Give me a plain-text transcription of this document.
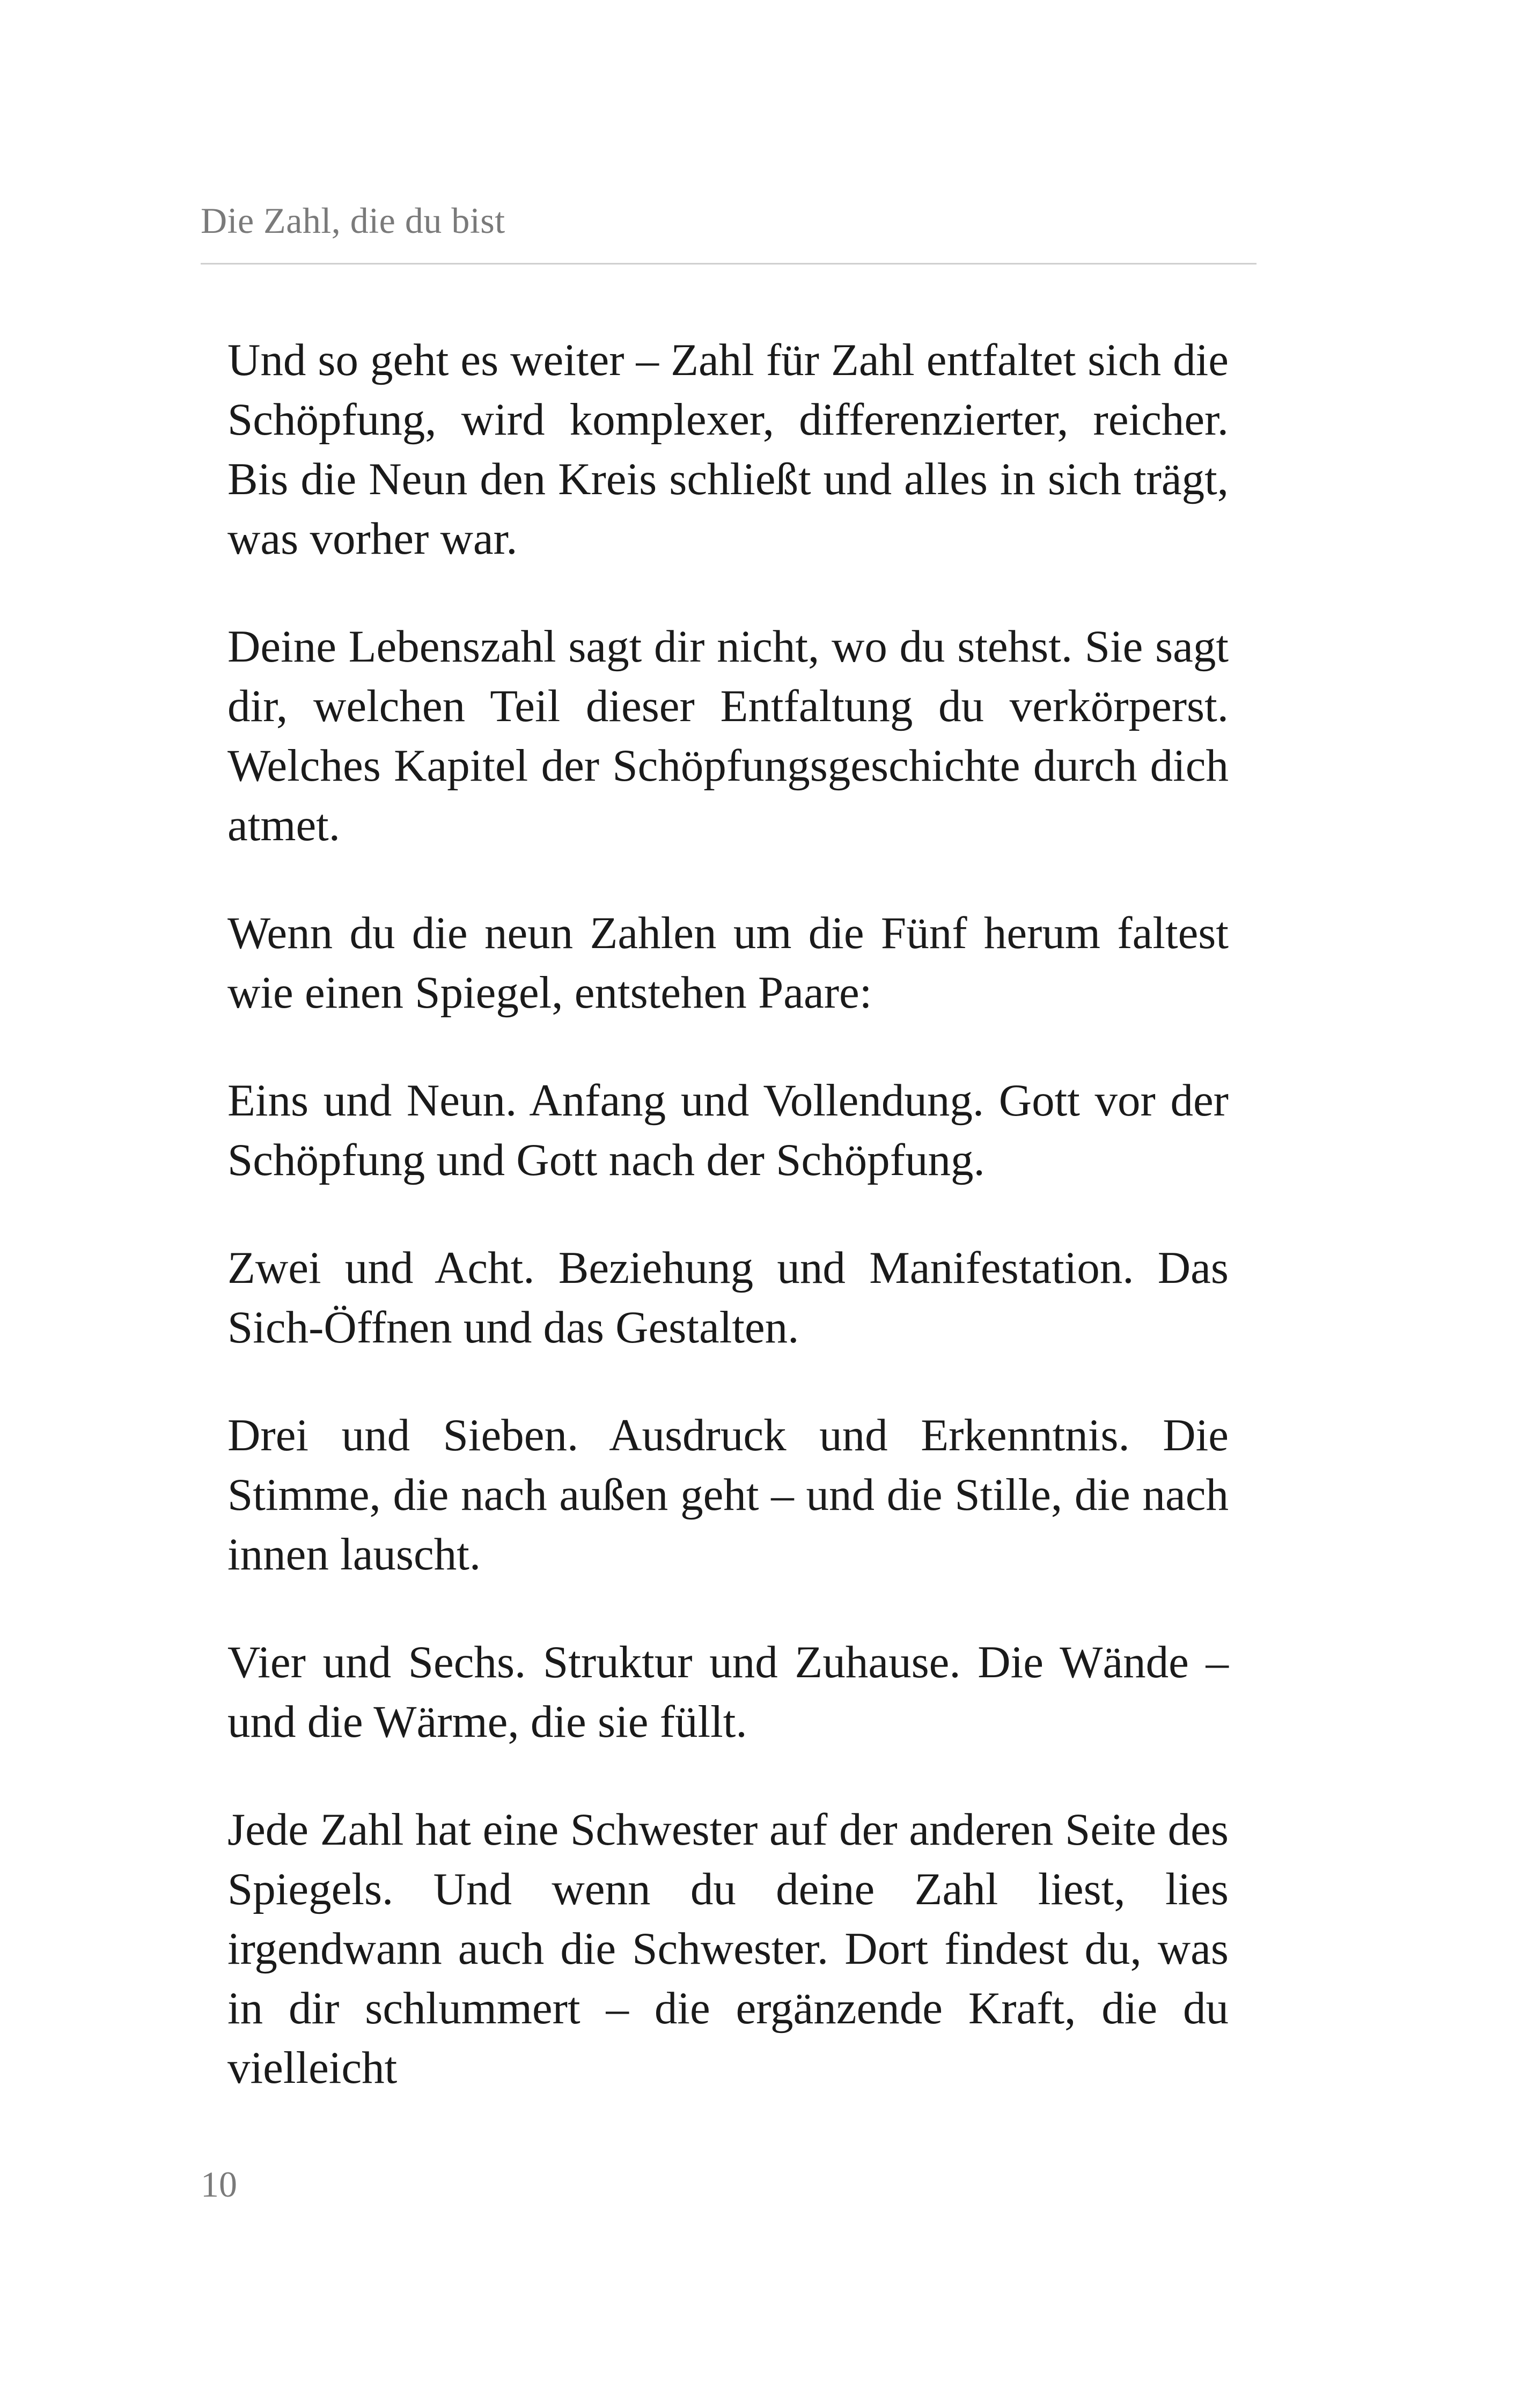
Die Zahl, die du bist

Und so geht es weiter – Zahl für Zahl entfaltet sich die Schöpfung, wird komplexer, differenzierter, reicher. Bis die Neun den Kreis schließt und alles in sich trägt, was vorher war.

Deine Lebenszahl sagt dir nicht, wo du stehst. Sie sagt dir, welchen Teil dieser Entfaltung du verkörperst. Welches Kapitel der Schöpfungsgeschichte durch dich atmet.

Wenn du die neun Zahlen um die Fünf herum faltest wie einen Spiegel, entstehen Paare:

Eins und Neun. Anfang und Vollendung. Gott vor der Schöpfung und Gott nach der Schöpfung.

Zwei und Acht. Beziehung und Manifestation. Das Sich-Öffnen und das Gestalten.

Drei und Sieben. Ausdruck und Erkenntnis. Die Stimme, die nach außen geht – und die Stille, die nach innen lauscht.

Vier und Sechs. Struktur und Zuhause. Die Wände – und die Wärme, die sie füllt.

Jede Zahl hat eine Schwester auf der anderen Seite des Spiegels. Und wenn du deine Zahl liest, lies irgendwann auch die Schwester. Dort findest du, was in dir schlummert – die ergänzende Kraft, die du vielleicht

10
